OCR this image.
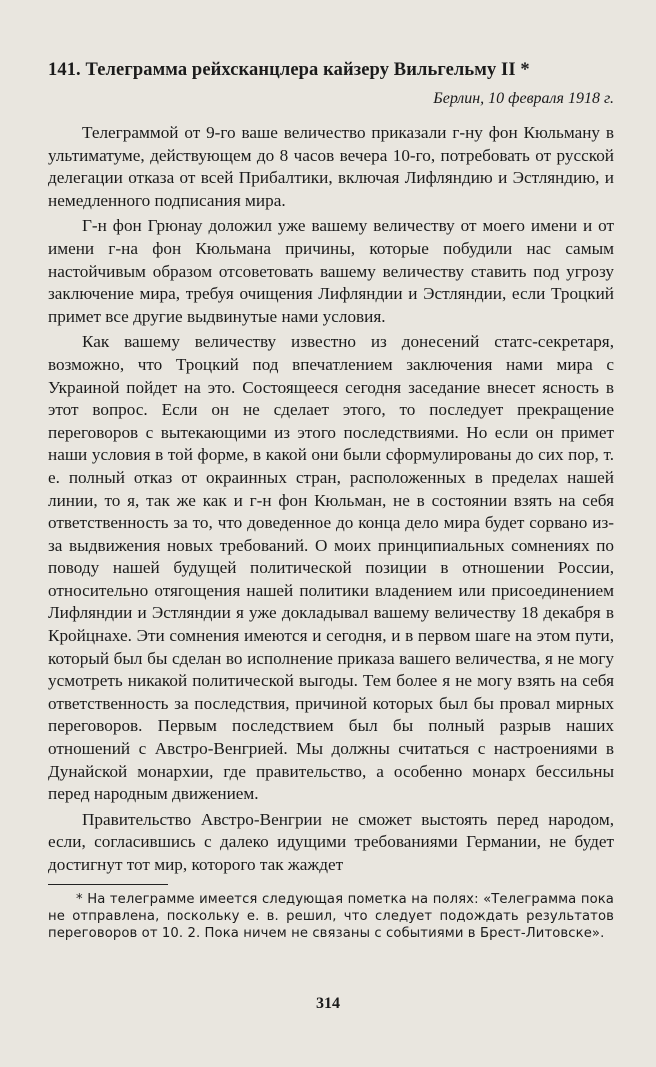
141. Телеграмма рейхсканцлера кайзеру Вильгельму II *
Берлин, 10 февраля 1918 г.

Телеграммой от 9-го ваше величество приказали г-ну фон Кюльману в ультиматуме, действующем до 8 часов вечера 10-го, потребовать от русской делегации отказа от всей Прибалтики, включая Лифляндию и Эстляндию, и немедленного подписания мира.

Г-н фон Грюнау доложил уже вашему величеству от моего имени и от имени г-на фон Кюльмана причины, которые побудили нас самым настойчивым образом отсоветовать вашему величеству ставить под угрозу заключение мира, требуя очищения Лифляндии и Эстляндии, если Троцкий примет все другие выдвинутые нами условия.

Как вашему величеству известно из донесений статс-секретаря, возможно, что Троцкий под впечатлением заключения нами мира с Украиной пойдет на это. Состоящееся сегодня заседание внесет ясность в этот вопрос. Если он не сделает этого, то последует прекращение переговоров с вытекающими из этого последствиями. Но если он примет наши условия в той форме, в какой они были сформулированы до сих пор, т. е. полный отказ от окраинных стран, расположенных в пределах нашей линии, то я, так же как и г-н фон Кюльман, не в состоянии взять на себя ответственность за то, что доведенное до конца дело мира будет сорвано из-за выдвижения новых требований. О моих принципиальных сомнениях по поводу нашей будущей политической позиции в отношении России, относительно отягощения нашей политики владением или присоединением Лифляндии и Эстляндии я уже докладывал вашему величеству 18 декабря в Кройцнахе. Эти сомнения имеются и сегодня, и в первом шаге на этом пути, который был бы сделан во исполнение приказа вашего величества, я не могу усмотреть никакой политической выгоды. Тем более я не могу взять на себя ответственность за последствия, причиной которых был бы провал мирных переговоров. Первым последствием был бы полный разрыв наших отношений с Австро-Венгрией. Мы должны считаться с настроениями в Дунайской монархии, где правительство, а особенно монарх бессильны перед народным движением.

Правительство Австро-Венгрии не сможет выстоять перед народом, если, согласившись с далеко идущими требованиями Германии, не будет достигнут тот мир, которого так жаждет

* На телеграмме имеется следующая пометка на полях: «Телеграмма пока не отправлена, поскольку е. в. решил, что следует подождать результатов переговоров от 10. 2. Пока ничем не связаны с событиями в Брест-Литовске».

314
